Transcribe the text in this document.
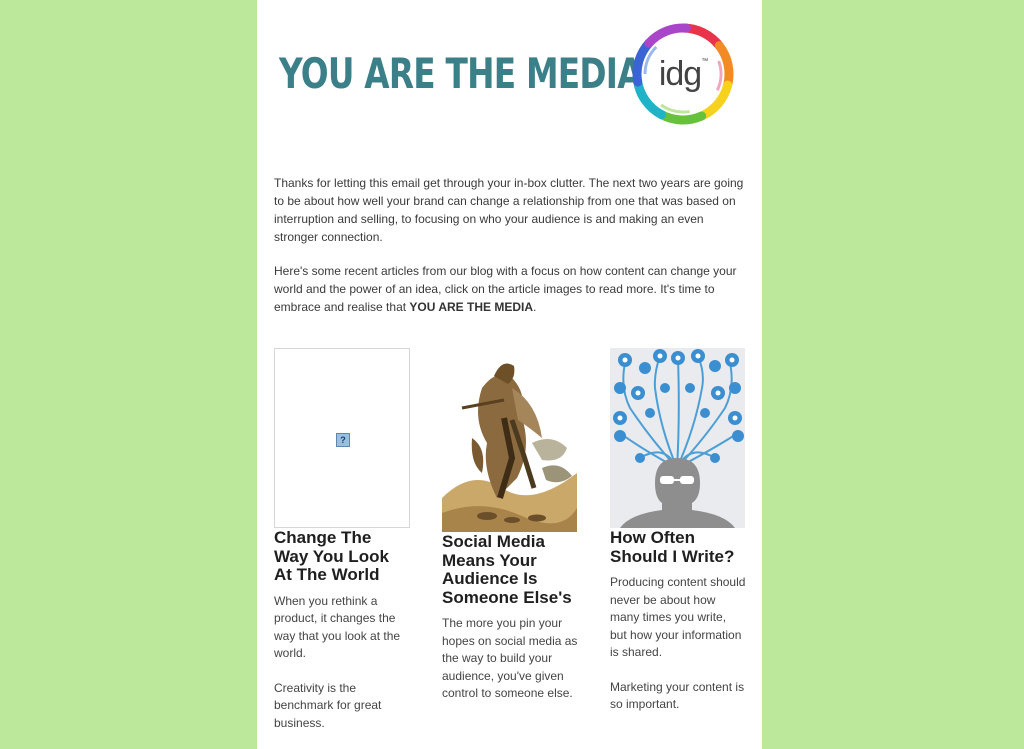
YOU ARE THE MEDIA idg ™

Thanks for letting this email get through your in-box clutter. The next two years are going to be about how well your brand can change a relationship from one that was based on interruption and selling, to focusing on who your audience is and making an even stronger connection.

Here's some recent articles from our blog with a focus on how content can change your world and the power of an idea, click on the article images to read more. It's time to embrace and realise that YOU ARE THE MEDIA.

?
Change The Way You Look At The World

When you rethink a product, it changes the way that you look at the world.

Creativity is the benchmark for great business.

Social Media Means Your Audience Is Someone Else's

The more you pin your hopes on social media as the way to build your audience, you've given control to someone else.

How Often Should I Write?

Producing content should never be about how many times you write, but how your information is shared.

Marketing your content is so important.
